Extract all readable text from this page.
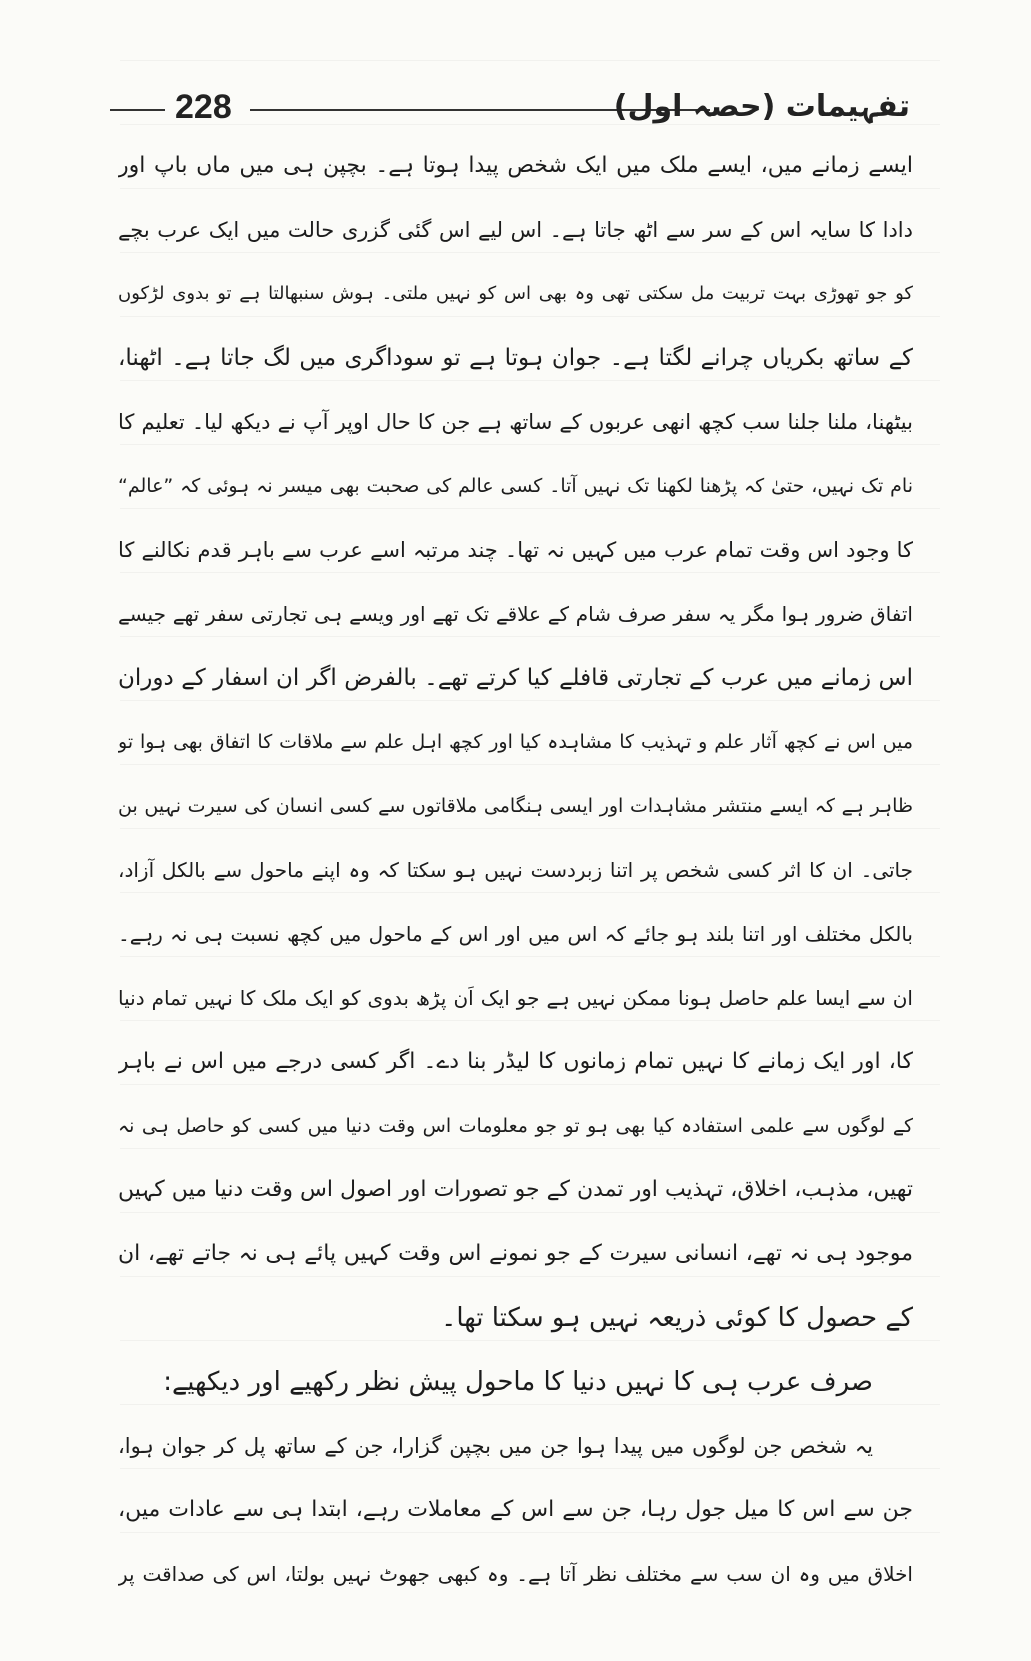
228	تفہیمات (حصہ اول)
ایسے زمانے میں، ایسے ملک میں ایک شخص پیدا ہوتا ہے۔ بچپن ہی میں ماں باپ اور
دادا کا سایہ اس کے سر سے اٹھ جاتا ہے۔ اس لیے اس گئی گزری حالت میں ایک عرب بچے
کو جو تھوڑی بہت تربیت مل سکتی تھی وہ بھی اس کو نہیں ملتی۔ ہوش سنبھالتا ہے تو بدوی لڑکوں
کے ساتھ بکریاں چرانے لگتا ہے۔ جوان ہوتا ہے تو سوداگری میں لگ جاتا ہے۔ اٹھنا،
بیٹھنا، ملنا جلنا سب کچھ انھی عربوں کے ساتھ ہے جن کا حال اوپر آپ نے دیکھ لیا۔ تعلیم کا
نام تک نہیں، حتیٰ کہ پڑھنا لکھنا تک نہیں آتا۔ کسی عالم کی صحبت بھی میسر نہ ہوئی کہ ”عالم“
کا وجود اس وقت تمام عرب میں کہیں نہ تھا۔ چند مرتبہ اسے عرب سے باہر قدم نکالنے کا
اتفاق ضرور ہوا مگر یہ سفر صرف شام کے علاقے تک تھے اور ویسے ہی تجارتی سفر تھے جیسے
اس زمانے میں عرب کے تجارتی قافلے کیا کرتے تھے۔ بالفرض اگر ان اسفار کے دوران
میں اس نے کچھ آثار علم و تہذیب کا مشاہدہ کیا اور کچھ اہل علم سے ملاقات کا اتفاق بھی ہوا تو
ظاہر ہے کہ ایسے منتشر مشاہدات اور ایسی ہنگامی ملاقاتوں سے کسی انسان کی سیرت نہیں بن
جاتی۔ ان کا اثر کسی شخص پر اتنا زبردست نہیں ہو سکتا کہ وہ اپنے ماحول سے بالکل آزاد،
بالکل مختلف اور اتنا بلند ہو جائے کہ اس میں اور اس کے ماحول میں کچھ نسبت ہی نہ رہے۔
ان سے ایسا علم حاصل ہونا ممکن نہیں ہے جو ایک اَن پڑھ بدوی کو ایک ملک کا نہیں تمام دنیا
کا، اور ایک زمانے کا نہیں تمام زمانوں کا لیڈر بنا دے۔ اگر کسی درجے میں اس نے باہر
کے لوگوں سے علمی استفادہ کیا بھی ہو تو جو معلومات اس وقت دنیا میں کسی کو حاصل ہی نہ
تھیں، مذہب، اخلاق، تہذیب اور تمدن کے جو تصورات اور اصول اس وقت دنیا میں کہیں
موجود ہی نہ تھے، انسانی سیرت کے جو نمونے اس وقت کہیں پائے ہی نہ جاتے تھے، ان
کے حصول کا کوئی ذریعہ نہیں ہو سکتا تھا۔
صرف عرب ہی کا نہیں دنیا کا ماحول پیش نظر رکھیے اور دیکھیے:
یہ شخص جن لوگوں میں پیدا ہوا جن میں بچپن گزارا، جن کے ساتھ پل کر جوان ہوا،
جن سے اس کا میل جول رہا، جن سے اس کے معاملات رہے، ابتدا ہی سے عادات میں،
اخلاق میں وہ ان سب سے مختلف نظر آتا ہے۔ وہ کبھی جھوٹ نہیں بولتا، اس کی صداقت پر
